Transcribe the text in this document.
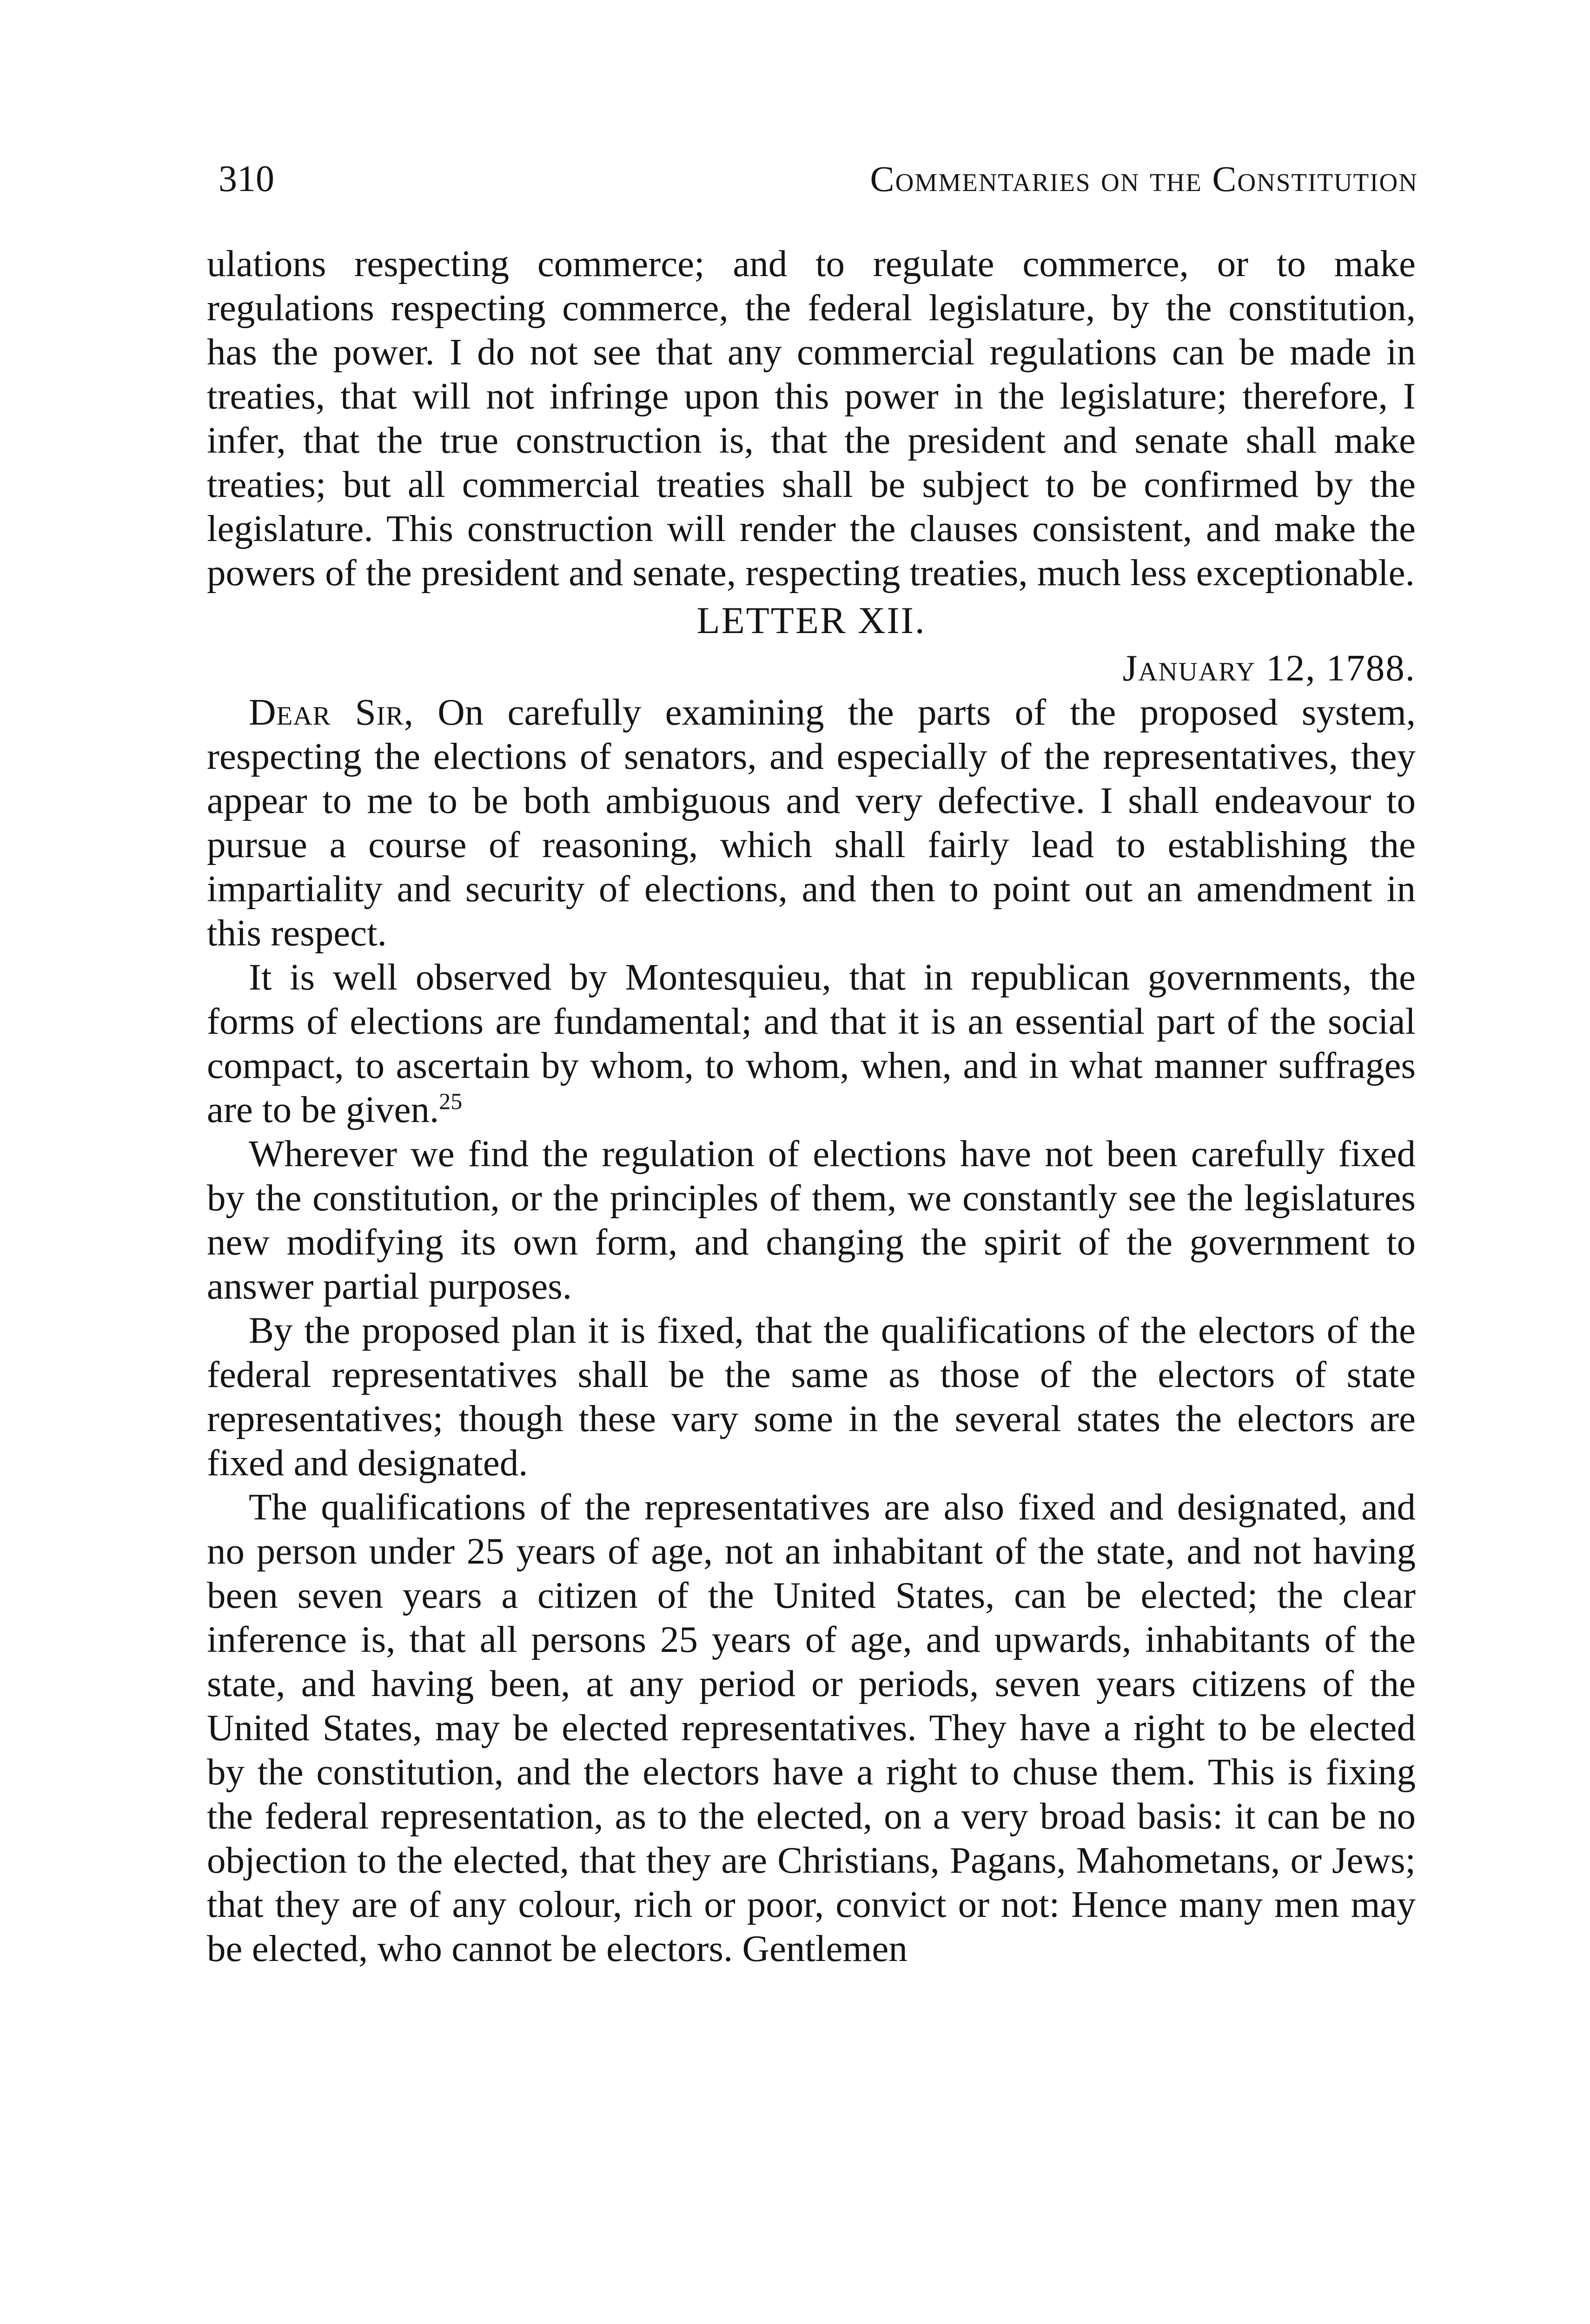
310	Commentaries on the Constitution

ulations respecting commerce; and to regulate commerce, or to make regulations respecting commerce, the federal legislature, by the constitution, has the power. I do not see that any commercial regulations can be made in treaties, that will not infringe upon this power in the legislature; therefore, I infer, that the true construction is, that the president and senate shall make treaties; but all commercial treaties shall be subject to be confirmed by the legislature. This construction will render the clauses consistent, and make the powers of the president and senate, respecting treaties, much less exceptionable.

LETTER XII.

January 12, 1788.

Dear Sir, On carefully examining the parts of the proposed system, respecting the elections of senators, and especially of the representatives, they appear to me to be both ambiguous and very defective. I shall endeavour to pursue a course of reasoning, which shall fairly lead to establishing the impartiality and security of elections, and then to point out an amendment in this respect.

It is well observed by Montesquieu, that in republican governments, the forms of elections are fundamental; and that it is an essential part of the social compact, to ascertain by whom, to whom, when, and in what manner suffrages are to be given.$^{25}$

Wherever we find the regulation of elections have not been carefully fixed by the constitution, or the principles of them, we constantly see the legislatures new modifying its own form, and changing the spirit of the government to answer partial purposes.

By the proposed plan it is fixed, that the qualifications of the electors of the federal representatives shall be the same as those of the electors of state representatives; though these vary some in the several states the electors are fixed and designated.

The qualifications of the representatives are also fixed and designated, and no person under 25 years of age, not an inhabitant of the state, and not having been seven years a citizen of the United States, can be elected; the clear inference is, that all persons 25 years of age, and upwards, inhabitants of the state, and having been, at any period or periods, seven years citizens of the United States, may be elected representatives. They have a right to be elected by the constitution, and the electors have a right to chuse them. This is fixing the federal representation, as to the elected, on a very broad basis: it can be no objection to the elected, that they are Christians, Pagans, Mahometans, or Jews; that they are of any colour, rich or poor, convict or not: Hence many men may be elected, who cannot be electors. Gentlemen
